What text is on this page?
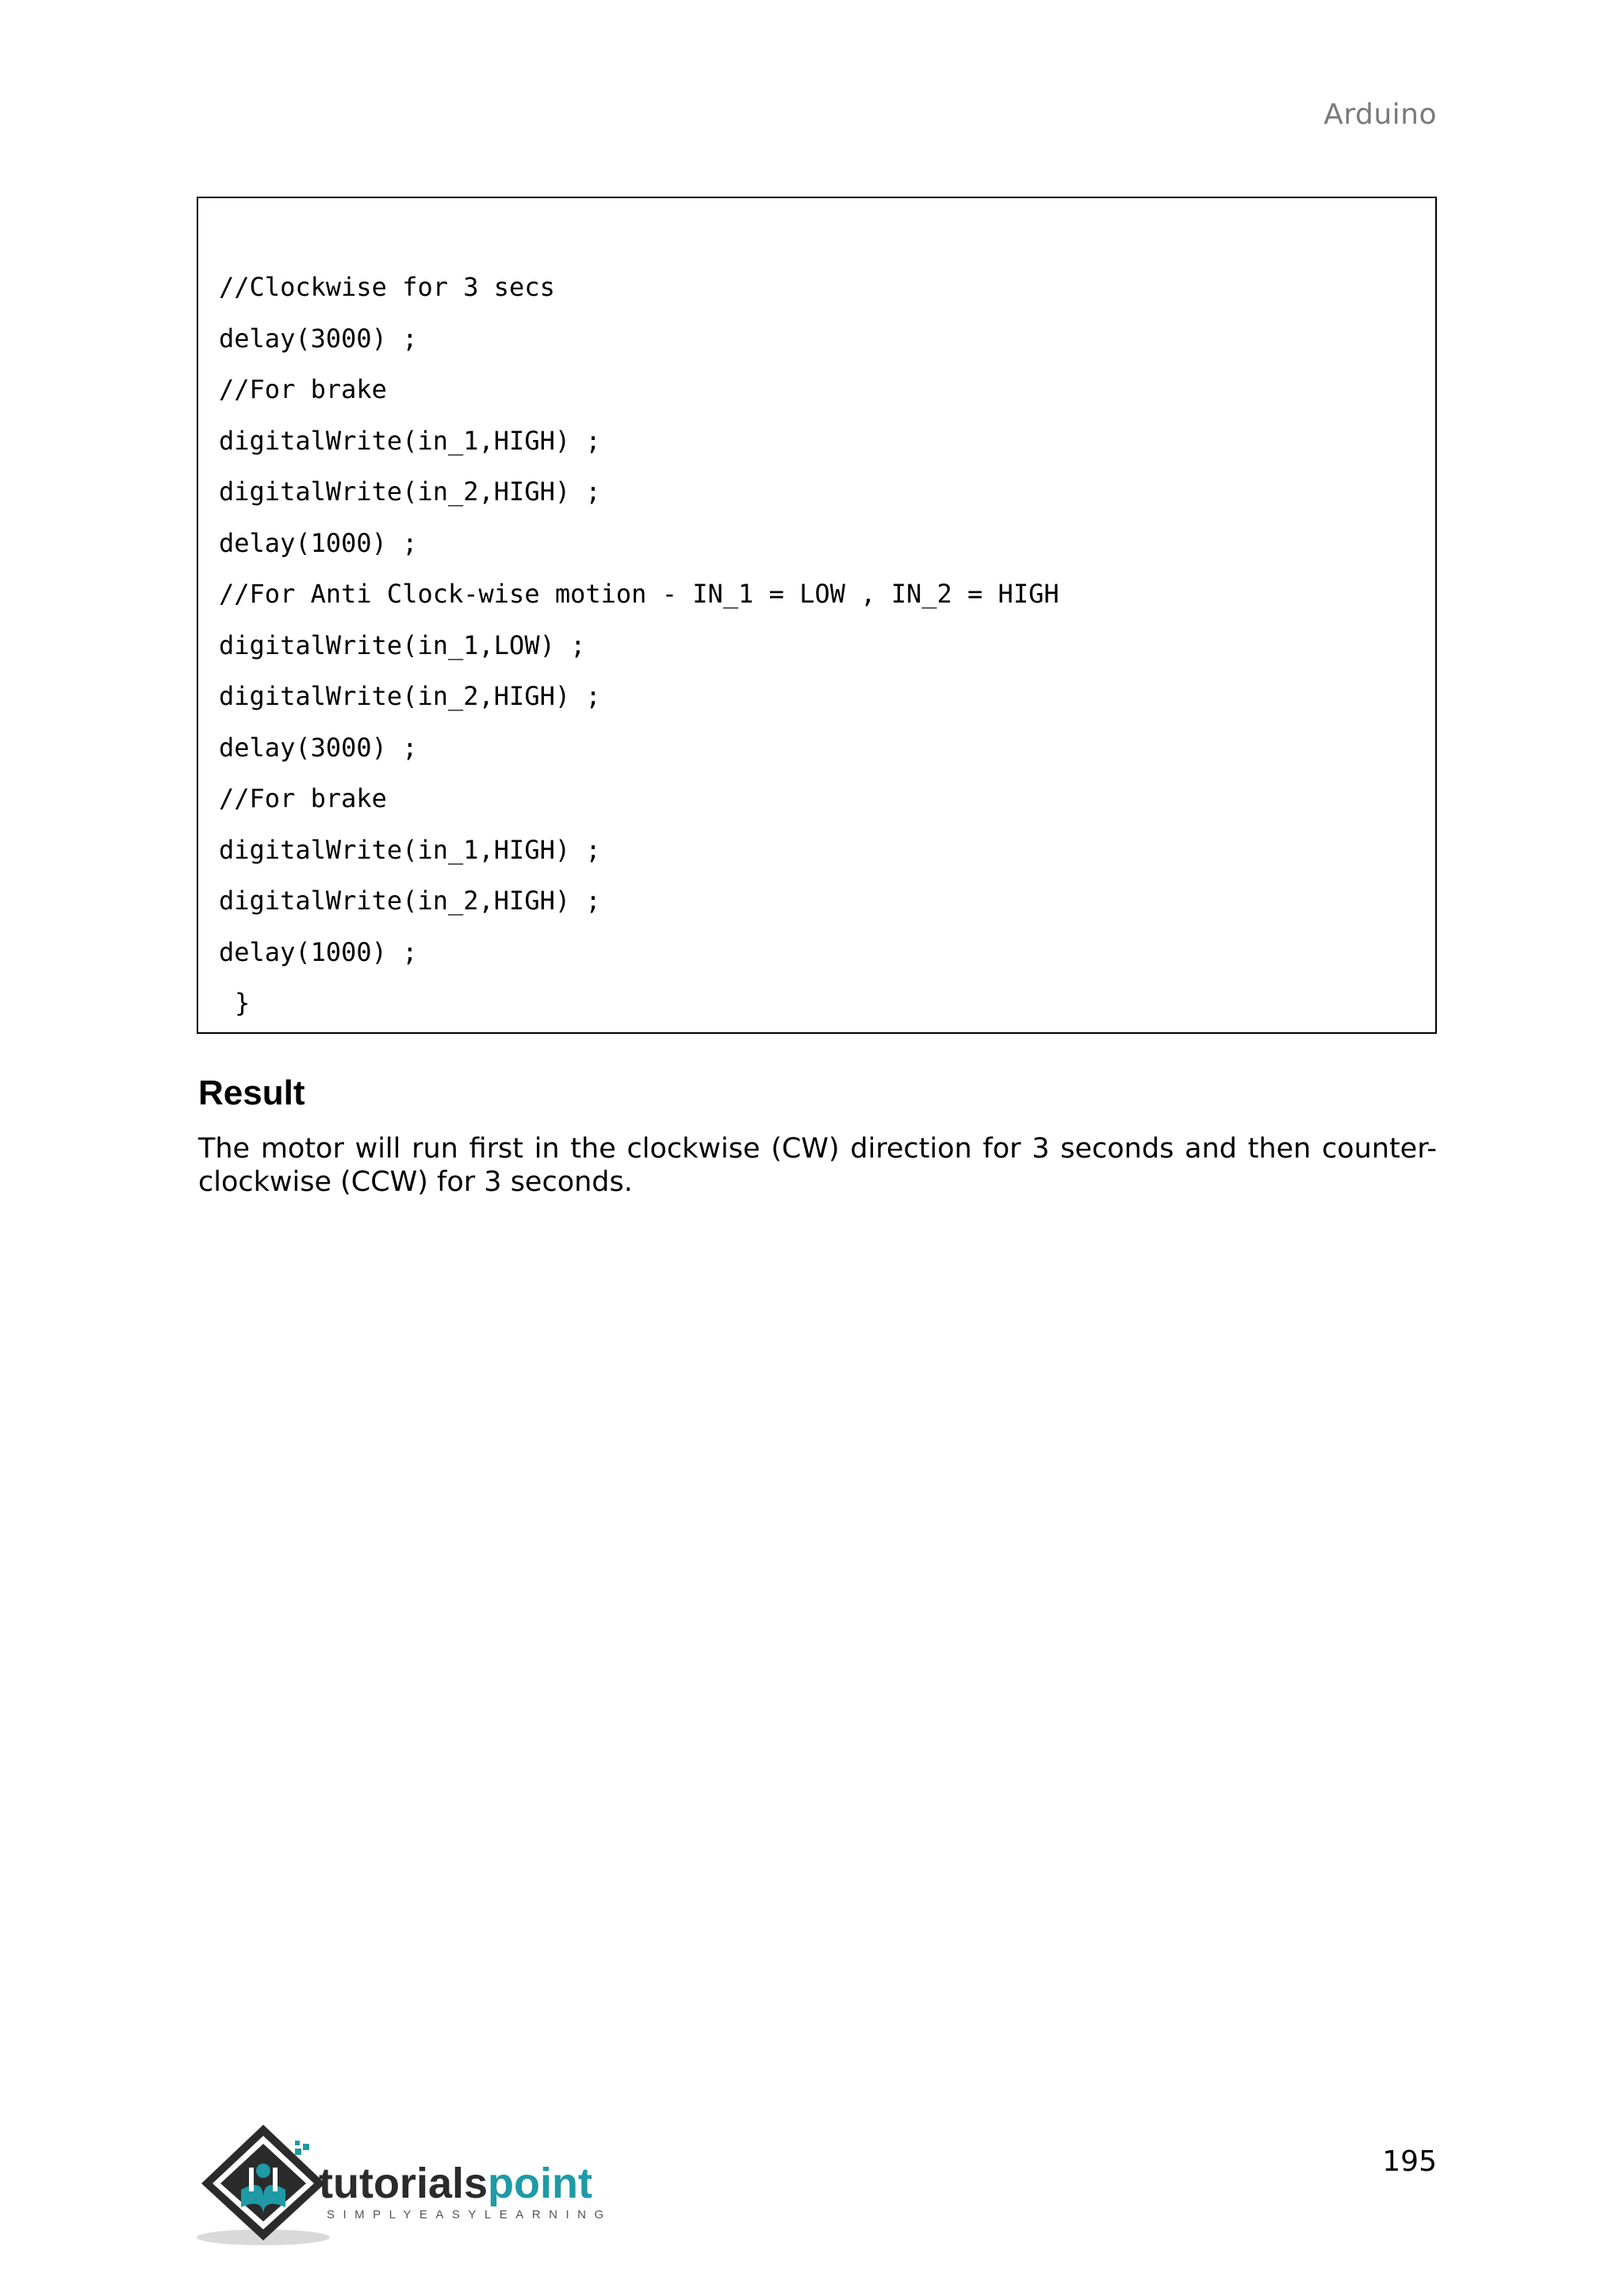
Arduino
//Clockwise for 3 secs
delay(3000) ;
//For brake
digitalWrite(in_1,HIGH) ;
digitalWrite(in_2,HIGH) ;
delay(1000) ;
//For Anti Clock-wise motion - IN_1 = LOW , IN_2 = HIGH
digitalWrite(in_1,LOW) ;
digitalWrite(in_2,HIGH) ;
delay(3000) ;
//For brake
digitalWrite(in_1,HIGH) ;
digitalWrite(in_2,HIGH) ;
delay(1000) ;
}
Result

The motor will run first in the clockwise (CW) direction for 3 seconds and then counter-clockwise (CCW) for 3 seconds.

tutorialspoint
SIMPLYEASYLEARNING
195
